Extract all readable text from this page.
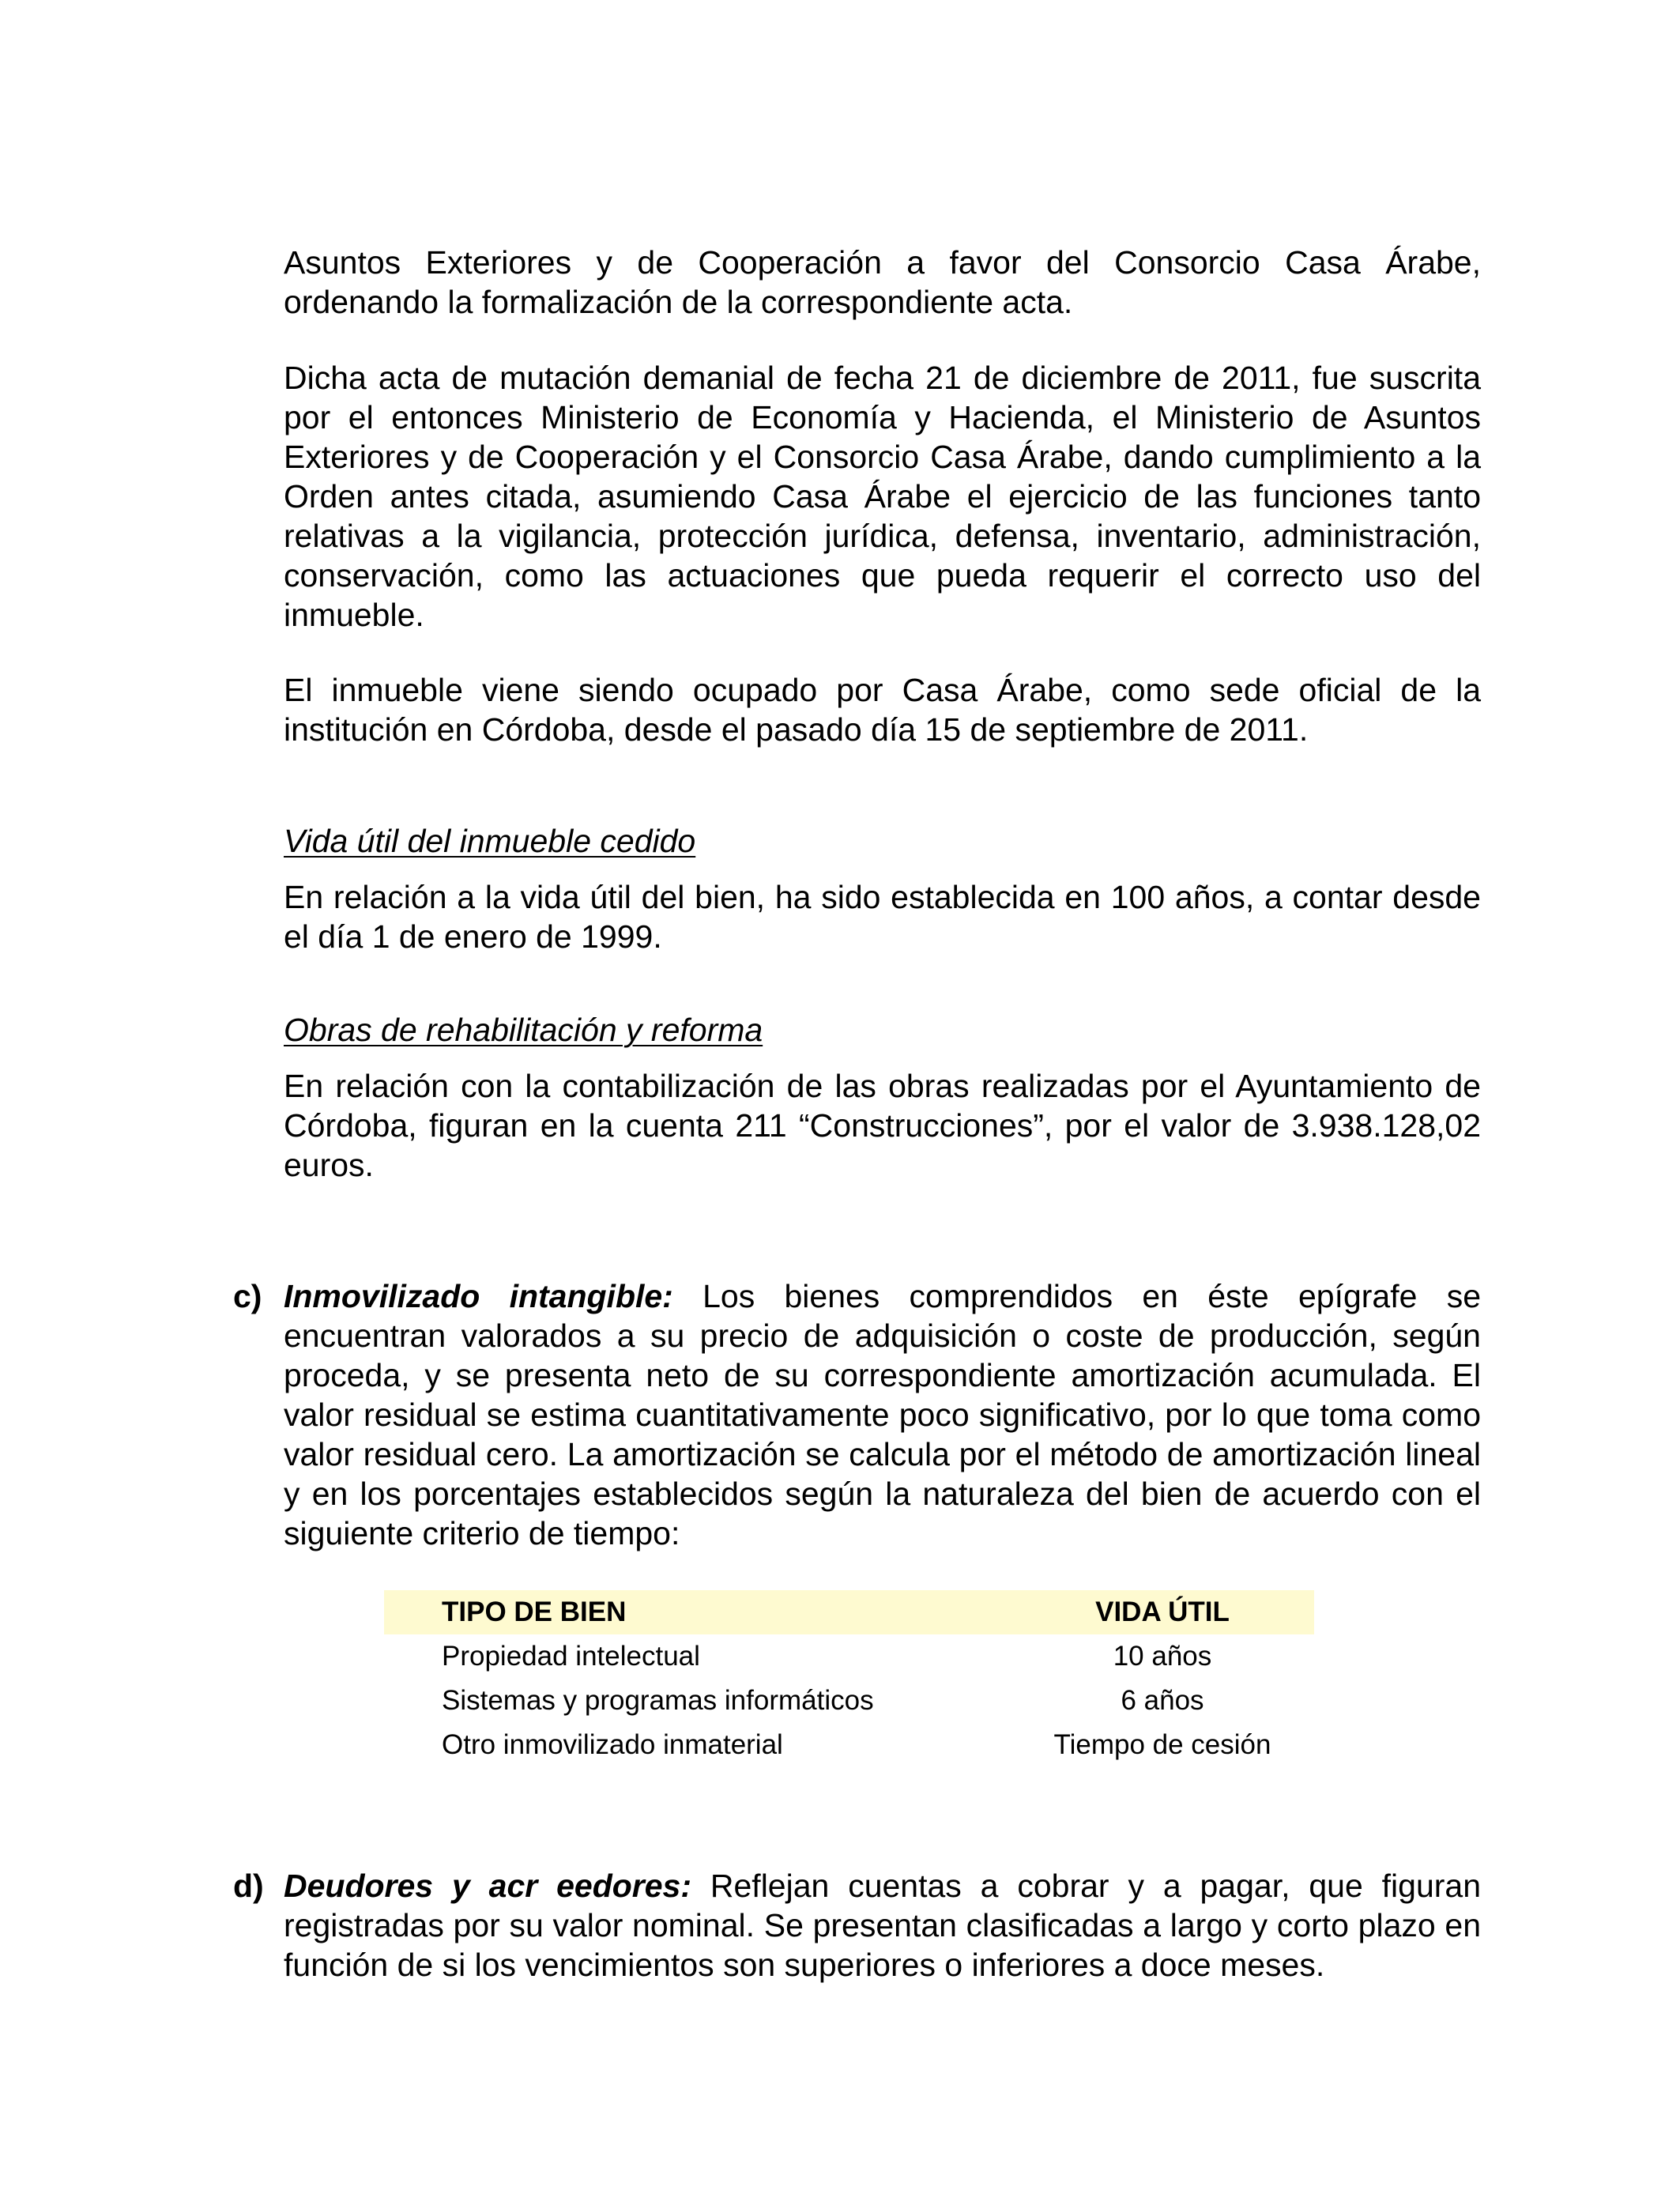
Asuntos Exteriores y de Cooperación a favor del Consorcio Casa Árabe, ordenando la formalización de la correspondiente acta.

Dicha acta de mutación demanial de fecha 21 de diciembre de 2011, fue suscrita por el entonces Ministerio de Economía y Hacienda, el Ministerio de Asuntos Exteriores y de Cooperación y el Consorcio Casa Árabe, dando cumplimiento a la Orden antes citada, asumiendo Casa Árabe el ejercicio de las funciones tanto relativas a la vigilancia, protección jurídica, defensa, inventario, administración, conservación, como las actuaciones que pueda requerir el correcto uso del inmueble.

El inmueble viene siendo ocupado por Casa Árabe, como sede oficial de la institución en Córdoba, desde el pasado día 15 de septiembre de 2011.

Vida útil del inmueble cedido

En relación a la vida útil del bien, ha sido establecida en 100 años, a contar desde el día 1 de enero de 1999.

Obras de rehabilitación y reforma

En relación con la contabilización de las obras realizadas por el Ayuntamiento de Córdoba, figuran en la cuenta 211 “Construcciones”, por el valor de 3.938.128,02 euros.

c) Inmovilizado intangible: Los bienes comprendidos en éste epígrafe se encuentran valorados a su precio de adquisición o coste de producción, según proceda, y se presenta neto de su correspondiente amortización acumulada. El valor residual se estima cuantitativamente poco significativo, por lo que toma como valor residual cero. La amortización se calcula por el método de amortización lineal y en los porcentajes establecidos según la naturaleza del bien de acuerdo con el siguiente criterio de tiempo:

TIPO DE BIEN	VIDA ÚTIL
Propiedad intelectual	10 años
Sistemas y programas informáticos	6 años
Otro inmovilizado inmaterial	Tiempo de cesión
d) Deudores y acr eedores: Reflejan cuentas a cobrar y a pagar, que figuran registradas por su valor nominal. Se presentan clasificadas a largo y corto plazo en función de si los vencimientos son superiores o inferiores a doce meses.
